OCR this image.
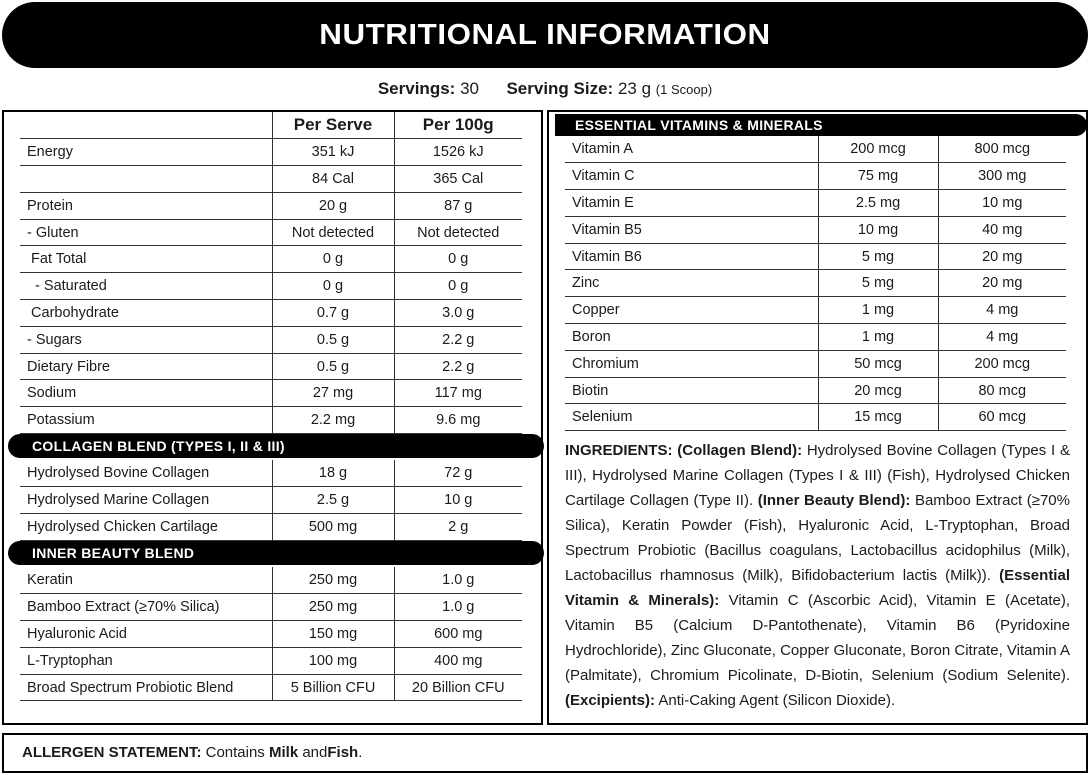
NUTRITIONAL INFORMATION
Servings: 30 Serving Size: 23 g (1 Scoop)
	Per Serve	Per 100g
Energy	351 kJ	1526 kJ
	84 Cal	365 Cal
Protein	20 g	87 g
- Gluten	Not detected	Not detected
Fat Total	0 g	0 g
- Saturated	0 g	0 g
Carbohydrate	0.7 g	3.0 g
- Sugars	0.5 g	2.2 g
Dietary Fibre	0.5 g	2.2 g
Sodium	27 mg	117 mg
Potassium	2.2 mg	9.6 mg
COLLAGEN BLEND (TYPES I, II & III)
Hydrolysed Bovine Collagen	18 g	72 g
Hydrolysed Marine Collagen	2.5 g	10 g
Hydrolysed Chicken Cartilage	500 mg	2 g
INNER BEAUTY BLEND
Keratin	250 mg	1.0 g
Bamboo Extract (≥70% Silica)	250 mg	1.0 g
Hyaluronic Acid	150 mg	600 mg
L-Tryptophan	100 mg	400 mg
Broad Spectrum Probiotic Blend	5 Billion CFU	20 Billion CFU
ESSENTIAL VITAMINS & MINERALS
Vitamin A	200 mcg	800 mcg
Vitamin C	75 mg	300 mg
Vitamin E	2.5 mg	10 mg
Vitamin B5	10 mg	40 mg
Vitamin B6	5 mg	20 mg
Zinc	5 mg	20 mg
Copper	1 mg	4 mg
Boron	1 mg	4 mg
Chromium	50 mcg	200 mcg
Biotin	20 mcg	80 mcg
Selenium	15 mcg	60 mcg
INGREDIENTS: (Collagen Blend): Hydrolysed Bovine Collagen (Types I & III), Hydrolysed Marine Collagen (Types I & III) (Fish), Hydrolysed Chicken Cartilage Collagen (Type II). (Inner Beauty Blend): Bamboo Extract (≥70% Silica), Keratin Powder (Fish), Hyaluronic Acid, L-Tryptophan, Broad Spectrum Probiotic (Bacillus coagulans, Lactobacillus acidophilus (Milk), Lactobacillus rhamnosus (Milk), Bifidobacterium lactis (Milk)). (Essential Vitamin & Minerals): Vitamin C (Ascorbic Acid), Vitamin E (Acetate), Vitamin B5 (Calcium D-Pantothenate), Vitamin B6 (Pyridoxine Hydrochloride), Zinc Gluconate, Copper Gluconate, Boron Citrate, Vitamin A (Palmitate), Chromium Picolinate, D-Biotin, Selenium (Sodium Selenite). (Excipients): Anti-Caking Agent (Silicon Dioxide).
ALLERGEN STATEMENT: Contains Milk andFish.
